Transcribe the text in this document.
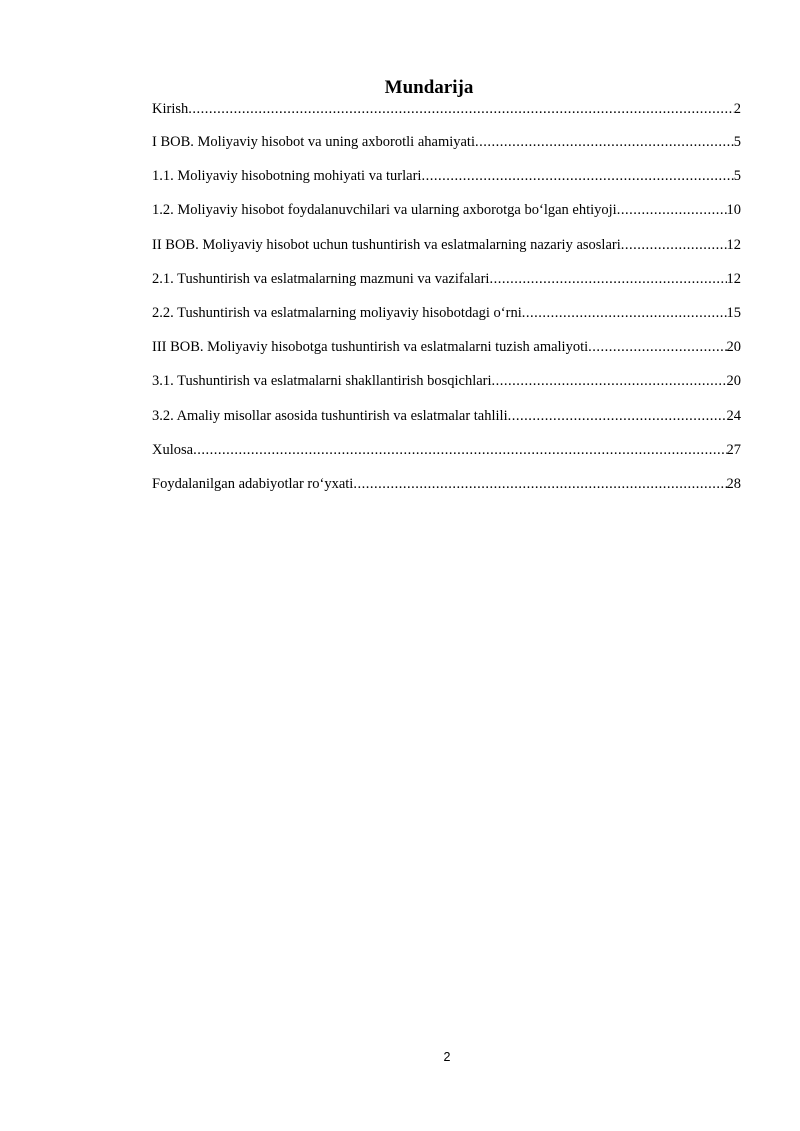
Mundarija
Kirish .....	2
I BOB. Moliyaviy hisobot va uning axborotli ahamiyati .....	5
1.1. Moliyaviy hisobotning mohiyati va turlari .....	5
1.2. Moliyaviy hisobot foydalanuvchilari va ularning axborotga bo‘lgan ehtiyoji .....	10
II BOB. Moliyaviy hisobot uchun tushuntirish va eslatmalarning nazariy asoslari .....	12
2.1. Tushuntirish va eslatmalarning mazmuni va vazifalari .....	12
2.2. Tushuntirish va eslatmalarning moliyaviy hisobotdagi o‘rni .....	15
III BOB. Moliyaviy hisobotga tushuntirish va eslatmalarni tuzish amaliyoti .....	20
3.1. Tushuntirish va eslatmalarni shakllantirish bosqichlari .....	20
3.2. Amaliy misollar asosida tushuntirish va eslatmalar tahlili .....	24
Xulosa .....	27
Foydalanilgan adabiyotlar ro‘yxati .....	28
2
